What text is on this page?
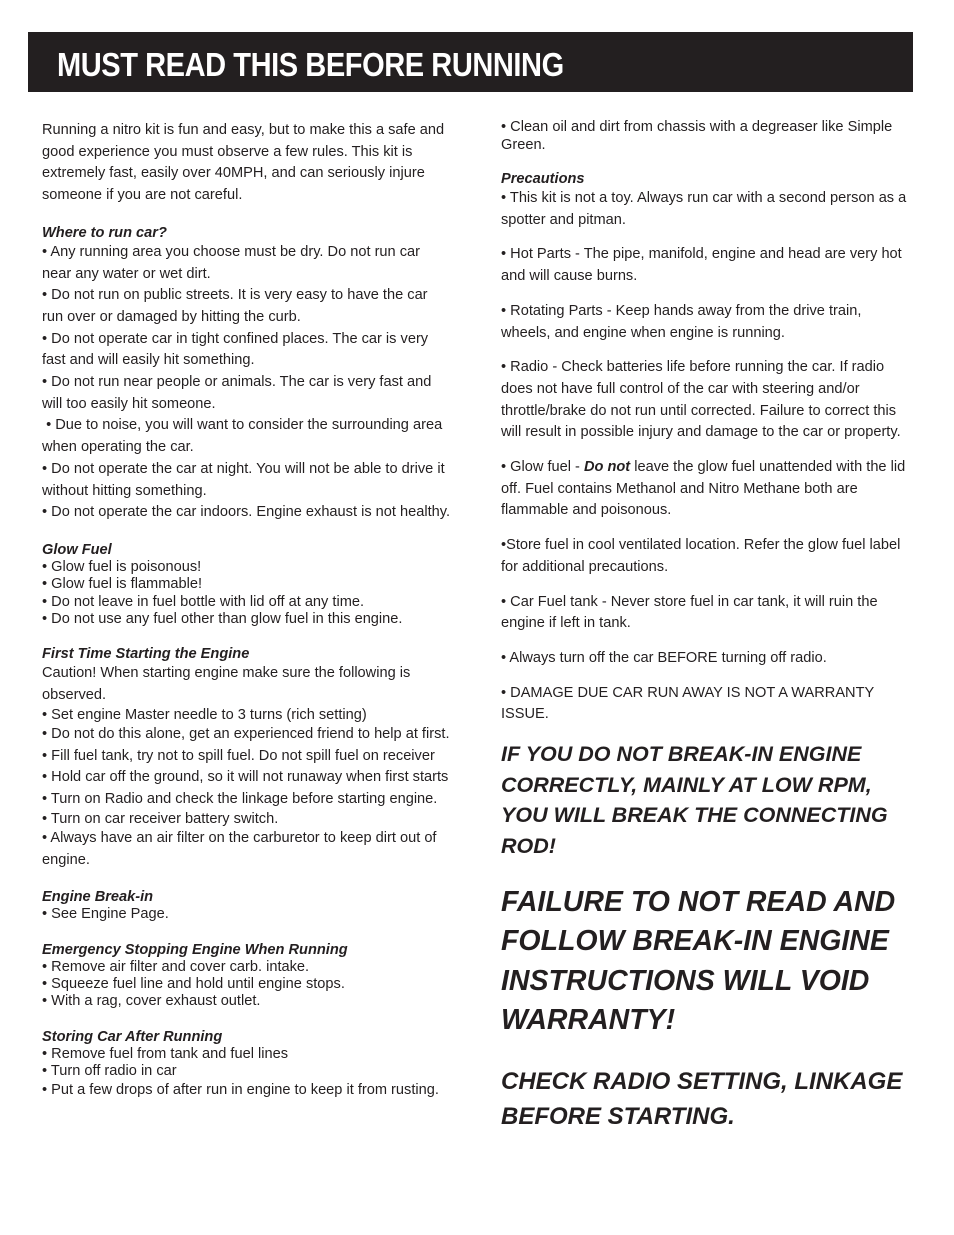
MUST READ THIS BEFORE RUNNING

Running a nitro kit is fun and easy, but to make this a safe and good experience you must observe a few rules. This kit is extremely fast, easily over 40MPH, and can seriously injure someone if you are not careful.

Where to run car?

• Any running area you choose must be dry. Do not run car near any water or wet dirt.

• Do not run on public streets. It is very easy to have the car run over or damaged by hitting the curb.

• Do not operate car in tight confined places. The car is very fast and will easily hit something.

• Do not run near people or animals. The car is very fast and will too easily hit someone.

• Due to noise, you will want to consider the surrounding area when operating the car.

• Do not operate the car at night. You will not be able to drive it without hitting something.

• Do not operate the car indoors. Engine exhaust is not healthy.

Glow Fuel

• Glow fuel is poisonous!

• Glow fuel is flammable!

• Do not leave in fuel bottle with lid off at any time.

• Do not use any fuel other than glow fuel in this engine.

First Time Starting the Engine

Caution! When starting engine make sure the following is observed.

• Set engine Master needle to 3 turns (rich setting)

• Do not do this alone, get an experienced friend to help at first.

• Fill fuel tank, try not to spill fuel. Do not spill fuel on receiver

• Hold car off the ground, so it will not runaway when first starts

• Turn on Radio and check the linkage before starting engine.

• Turn on car receiver battery switch.

• Always have an air filter on the carburetor to keep dirt out of engine.

Engine Break-in

• See Engine Page.

Emergency Stopping Engine When Running

• Remove air filter and cover carb. intake.

• Squeeze fuel line and hold until engine stops.

• With a rag, cover exhaust outlet.

Storing Car After Running

• Remove fuel from tank and fuel lines

• Turn off radio in car

• Put a few drops of after run in engine to keep it from rusting.

• Clean oil and dirt from chassis with a degreaser like Simple Green.

Precautions

• This kit is not a toy. Always run car with a second person as a spotter and pitman.

• Hot Parts - The pipe, manifold, engine and head are very hot and will cause burns.

• Rotating Parts - Keep hands away from the drive train, wheels, and engine when engine is running.

• Radio - Check batteries life before running the car. If radio does not have full control of the car with steering and/or throttle/brake do not run until corrected. Failure to correct this will result in possible injury and damage to the car or property.

• Glow fuel - Do not leave the glow fuel unattended with the lid off. Fuel contains Methanol and Nitro Methane both are flammable and poisonous.

•Store fuel in cool ventilated location. Refer the glow fuel label for additional precautions.

• Car Fuel tank - Never store fuel in car tank, it will ruin the engine if left in tank.

• Always turn off the car BEFORE turning off radio.

• DAMAGE DUE CAR RUN AWAY IS NOT A WARRANTY ISSUE.

IF YOU DO NOT BREAK-IN ENGINE CORRECTLY, MAINLY AT LOW RPM, YOU WILL BREAK THE CONNECTING ROD!

FAILURE TO NOT READ AND FOLLOW BREAK-IN ENGINE INSTRUCTIONS WILL VOID WARRANTY!

CHECK RADIO SETTING, LINKAGE BEFORE STARTING.
